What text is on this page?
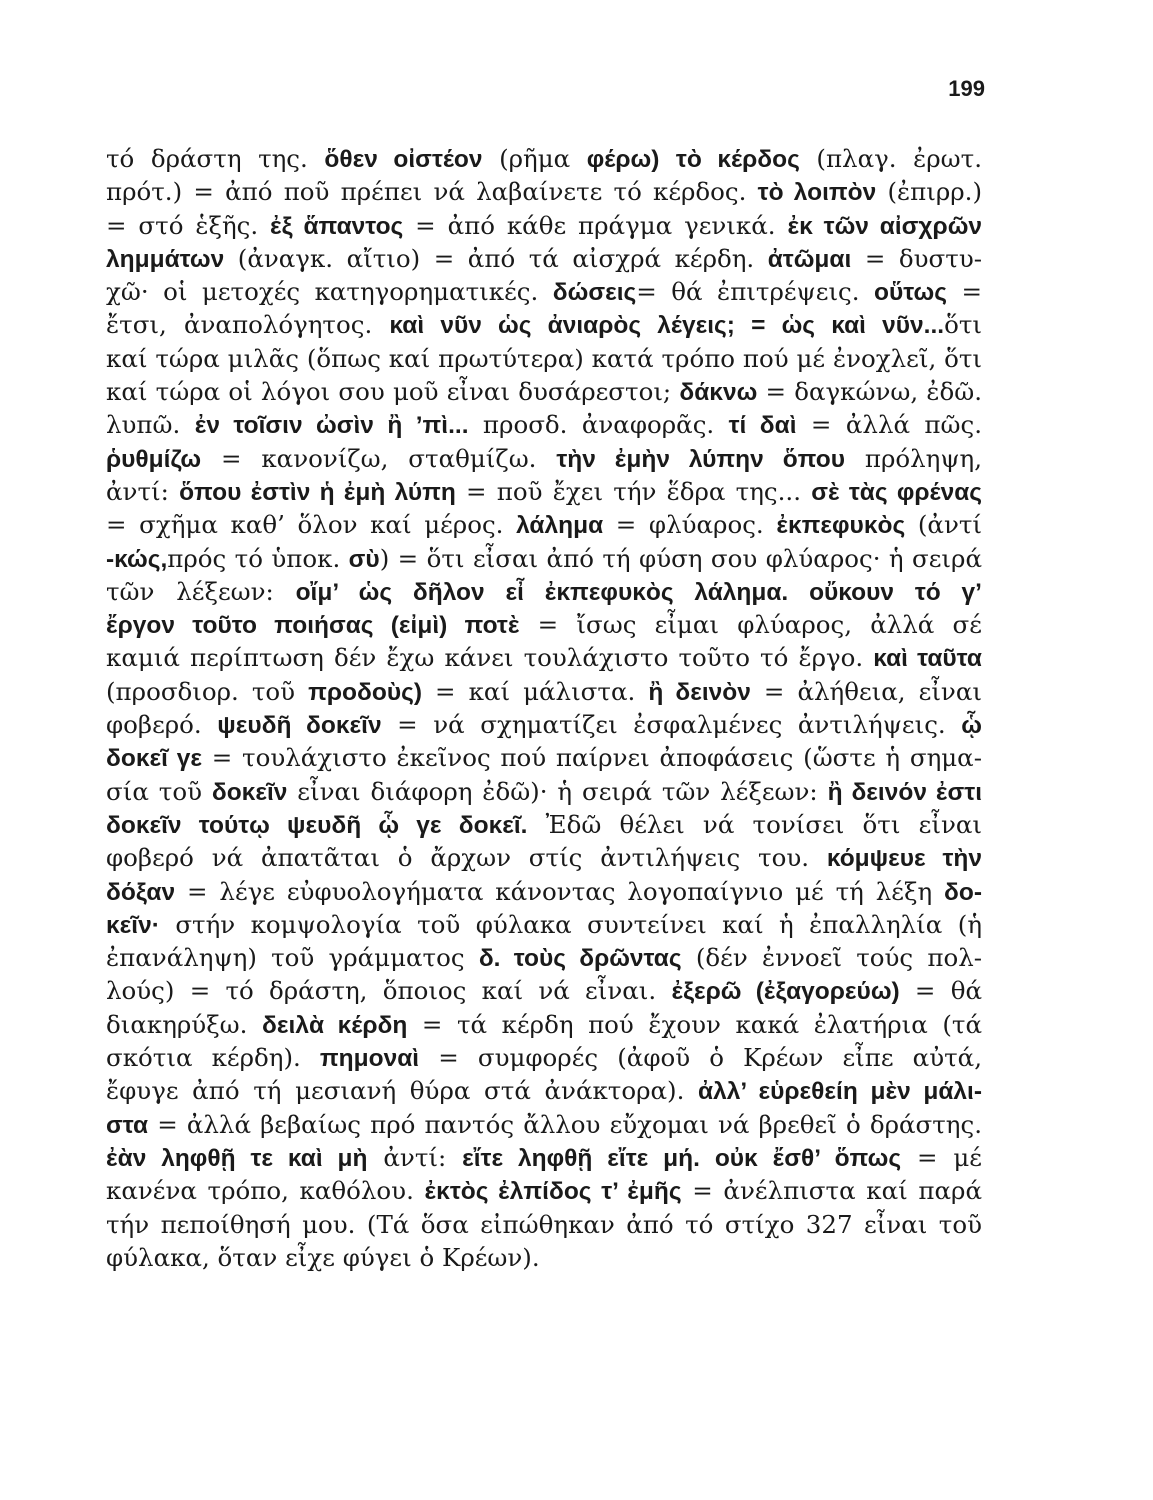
199
τό δράστη της. ὅθεν οἰστέον (ρῆμα φέρω) τὸ κέρδος (πλαγ. ἐρωτ.
πρότ.) = ἀπό ποῦ πρέπει νά λαβαίνετε τό κέρδος. τὸ λοιπὸν (ἐπιρρ.)
= στό ἑξῆς. ἐξ ἅπαντος = ἀπό κάθε πράγμα γενικά. ἐκ τῶν αἰσχρῶν
λημμάτων (ἀναγκ. αἴτιο) = ἀπό τά αἰσχρά κέρδη. ἀτῶμαι = δυστυ-
χῶ· οἱ μετοχές κατηγορηματικές. δώσεις= θά ἐπιτρέψεις. οὕτως =
ἔτσι, ἀναπολόγητος. καὶ νῦν ὡς ἀνιαρὸς λέγεις; = ὡς καὶ νῦν...ὅτι
καί τώρα μιλᾶς (ὅπως καί πρωτύτερα) κατά τρόπο πού μέ ἐνοχλεῖ, ὅτι
καί τώρα οἱ λόγοι σου μοῦ εἶναι δυσάρεστοι; δάκνω = δαγκώνω, ἐδῶ.
λυπῶ. ἐν τοῖσιν ὠσὶν ἢ ’πὶ... προσδ. ἀναφορᾶς. τί δαὶ = ἀλλά πῶς.
ῥυθμίζω = κανονίζω, σταθμίζω. τὴν ἐμὴν λύπην ὅπου πρόληψη,
ἀντί: ὅπου ἐστὶν ἡ ἐμὴ λύπη = ποῦ ἔχει τήν ἕδρα της... σὲ τὰς φρένας
= σχῆμα καθ’ ὅλον καί μέρος. λάλημα = φλύαρος. ἐκπεφυκὸς (ἀντί
-κώς,πρός τό ὑποκ. σὺ) = ὅτι εἶσαι ἀπό τή φύση σου φλύαρος· ἡ σειρά
τῶν λέξεων: οἴμ’ ὡς δῆλον εἶ ἐκπεφυκὸς λάλημα. οὔκουν τό γ’
ἔργον τοῦτο ποιήσας (εἰμὶ) ποτὲ = ἴσως εἶμαι φλύαρος, ἀλλά σέ
καμιά περίπτωση δέν ἔχω κάνει τουλάχιστο τοῦτο τό ἔργο. καὶ ταῦτα
(προσδιορ. τοῦ προδοὺς) = καί μάλιστα. ἢ δεινὸν = ἀλήθεια, εἶναι
φοβερό. ψευδῆ δοκεῖν = νά σχηματίζει ἐσφαλμένες ἀντιλήψεις. ᾧ
δοκεῖ γε = τουλάχιστο ἐκεῖνος πού παίρνει ἀποφάσεις (ὥστε ἡ σημα-
σία τοῦ δοκεῖν εἶναι διάφορη ἐδῶ)· ἡ σειρά τῶν λέξεων: ἢ δεινόν ἐστι
δοκεῖν τούτῳ ψευδῆ ᾧ γε δοκεῖ. Ἐδῶ θέλει νά τονίσει ὅτι εἶναι
φοβερό νά ἀπατᾶται ὁ ἄρχων στίς ἀντιλήψεις του. κόμψευε τὴν
δόξαν = λέγε εὐφυολογήματα κάνοντας λογοπαίγνιο μέ τή λέξη δο-
κεῖν· στήν κομψολογία τοῦ φύλακα συντείνει καί ἡ ἐπαλληλία (ἡ
ἐπανάληψη) τοῦ γράμματος δ. τοὺς δρῶντας (δέν ἐννοεῖ τούς πολ-
λούς) = τό δράστη, ὅποιος καί νά εἶναι. ἐξερῶ (ἐξαγορεύω) = θά
διακηρύξω. δειλὰ κέρδη = τά κέρδη πού ἔχουν κακά ἐλατήρια (τά
σκότια κέρδη). πημοναὶ = συμφορές (ἀφοῦ ὁ Κρέων εἶπε αὐτά,
ἔφυγε ἀπό τή μεσιανή θύρα στά ἀνάκτορα). ἀλλ’ εὑρεθείη μὲν μάλι-
στα = ἀλλά βεβαίως πρό παντός ἄλλου εὔχομαι νά βρεθεῖ ὁ δράστης.
ἐὰν ληφθῇ τε καὶ μὴ ἀντί: εἴτε ληφθῇ εἴτε μή. οὐκ ἔσθ’ ὅπως = μέ
κανένα τρόπο, καθόλου. ἐκτὸς ἐλπίδος τ’ ἐμῆς = ἀνέλπιστα καί παρά
τήν πεποίθησή μου. (Τά ὅσα εἰπώθηκαν ἀπό τό στίχο 327 εἶναι τοῦ
φύλακα, ὅταν εἶχε φύγει ὁ Κρέων).
